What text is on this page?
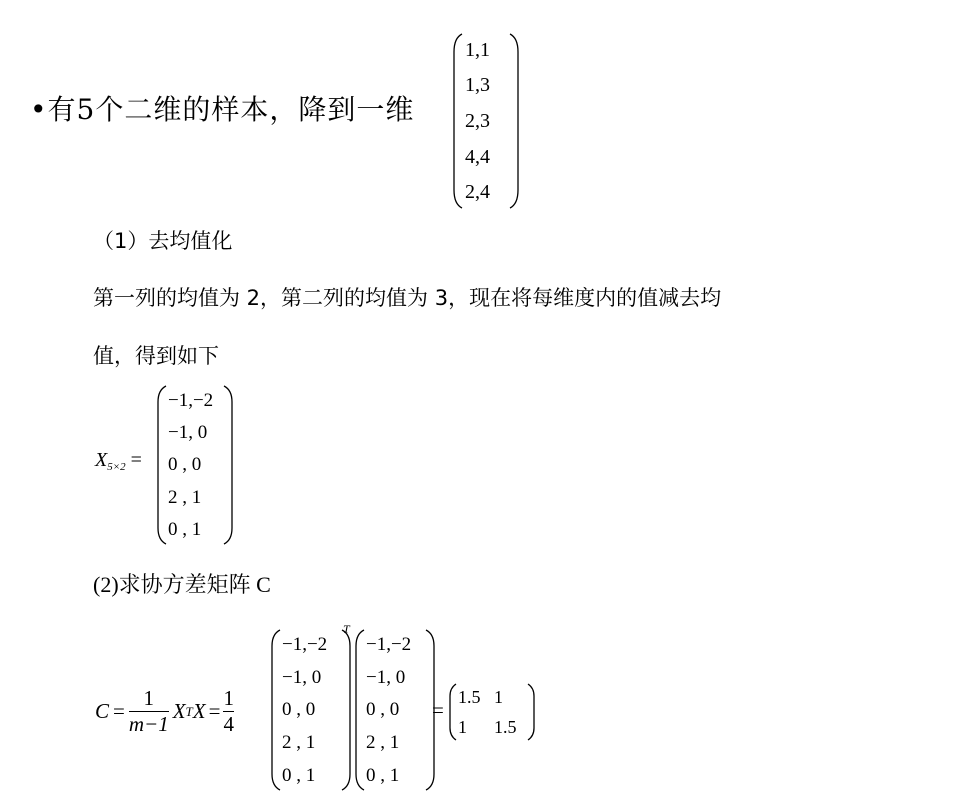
•有5个二维的样本，降到一维
1,1
1,3
2,3
4,4
2,4
（1）去均值化
第一列的均值为 2，第二列的均值为 3，现在将每维度内的值减去均
值，得到如下
$X_{5\times 2}$ =
−1,−2
−1, 0
0 , 0
2 , 1
0 , 1
(2)求协方差矩阵 C
$C = \frac{1}{m-1}$ X T $X = \frac{1}{4}$
−1,−2
−1, 0
0 , 0
2 , 1
0 , 1
T
−1,−2
−1, 0
0 , 0
2 , 1
0 , 1
=
1.5 1
1	1.5
